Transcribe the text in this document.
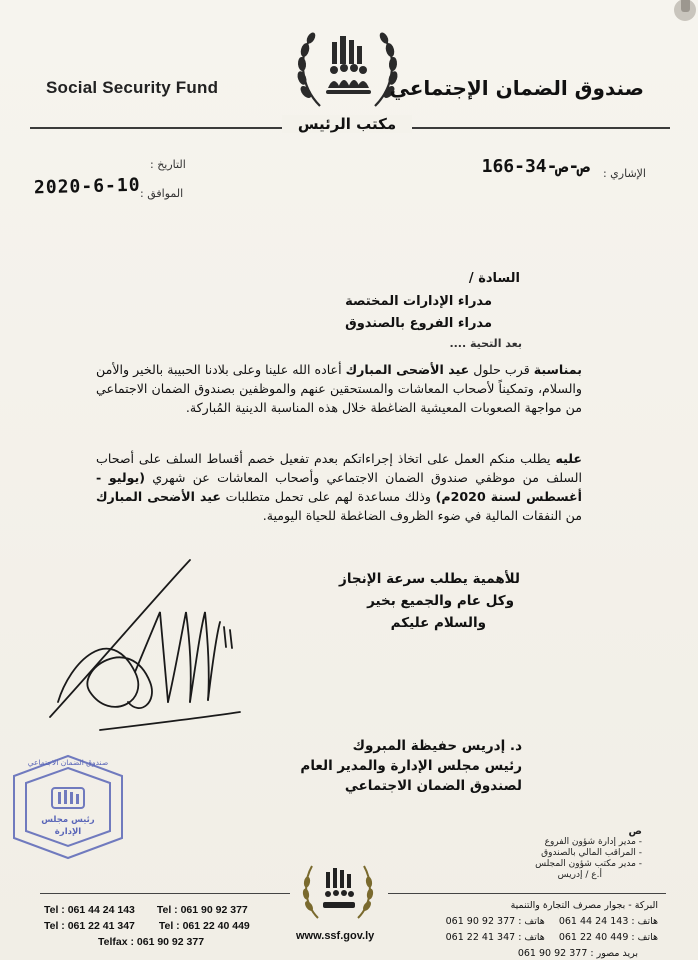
Social Security Fund	صندوق الضمان الإجتماعي
مكتب الرئيس
التاريخ :
الموافق :
2020-6-10
الإشاري :
166-34-ص-ص
السادة /
مدراء الإدارات المختصة
مدراء الفروع بالصندوق
بعد التحية ....
بمناسبة قرب حلول عيد الأضحى المبارك أعاده الله علينا وعلى بلادنا الحبيبة بالخير والأمن والسلام، وتمكيناً لأصحاب المعاشات والمستحقين عنهم والموظفين بصندوق الضمان الاجتماعي من مواجهة الصعوبات المعيشية الضاغطة خلال هذه المناسبة الدينية المُباركة.
عليه يطلب منكم العمل على اتخاذ إجراءاتكم بعدم تفعيل خصم أقساط السلف على أصحاب السلف من موظفي صندوق الضمان الاجتماعي وأصحاب المعاشات عن شهري (يوليو - أغسطس لسنة 2020م) وذلك مساعدة لهم على تحمل متطلبات عيد الأضحى المبارك من النفقات المالية في ضوء الظروف الضاغطة للحياة اليومية.
للأهمية يطلب سرعة الإنجاز
وكل عام والجميع بخير
والسلام عليكم
د. إدريس حفيظة المبروك
رئيس مجلس الإدارة والمدير العام
لصندوق الضمان الاجتماعي
صندوق الضمان الاجتماعي
رئيس مجلس
الإدارة	ص
- مدير إدارة شؤون الفروع
- المراقب المالي بالصندوق
- مدير مكتب شؤون المجلس
أ.ع / إدريس
Tel : 061 44 24 143 Tel : 061 90 92 377
Tel : 061 22 41 347 Tel : 061 22 40 449
Telfax : 061 90 92 377	www.ssf.gov.ly
البركة - بجوار مصرف التجارة والتنمية
هاتف : 143 24 44 061هاتف : 377 92 90 061
هاتف : 449 40 22 061هاتف : 347 41 22 061
بريد مصور : 377 92 90 061
